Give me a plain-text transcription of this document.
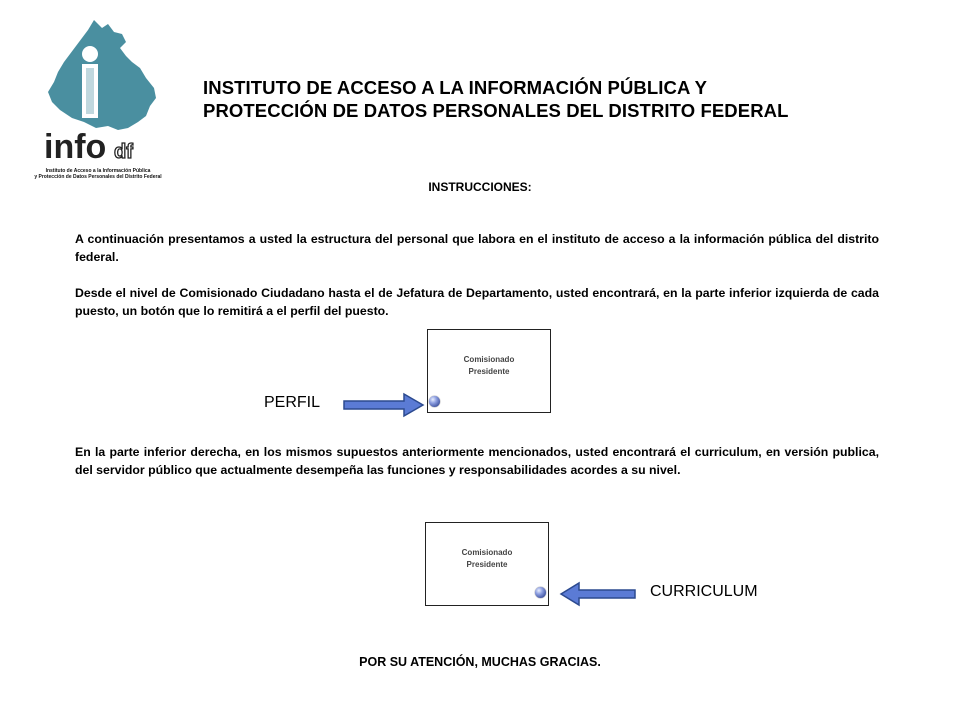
info df
Instituto de Acceso a la Información Pública
y Protección de Datos Personales del Distrito Federal
INSTITUTO DE ACCESO A LA INFORMACIÓN PÚBLICA Y
PROTECCIÓN DE DATOS PERSONALES DEL DISTRITO FEDERAL
INSTRUCCIONES:
A continuación presentamos a usted la estructura del personal que labora en el instituto de acceso a la información pública del distrito federal.
Desde el nivel de Comisionado Ciudadano hasta el de Jefatura de Departamento, usted encontrará, en la parte inferior izquierda de cada puesto, un botón que lo remitirá a el perfil del puesto.
Comisionado
Presidente
PERFIL
En la parte inferior derecha, en los mismos supuestos anteriormente mencionados, usted encontrará el curriculum, en versión publica, del servidor público que actualmente desempeña las funciones y responsabilidades acordes a su nivel.
Comisionado
Presidente
CURRICULUM
POR SU ATENCIÓN, MUCHAS GRACIAS.
